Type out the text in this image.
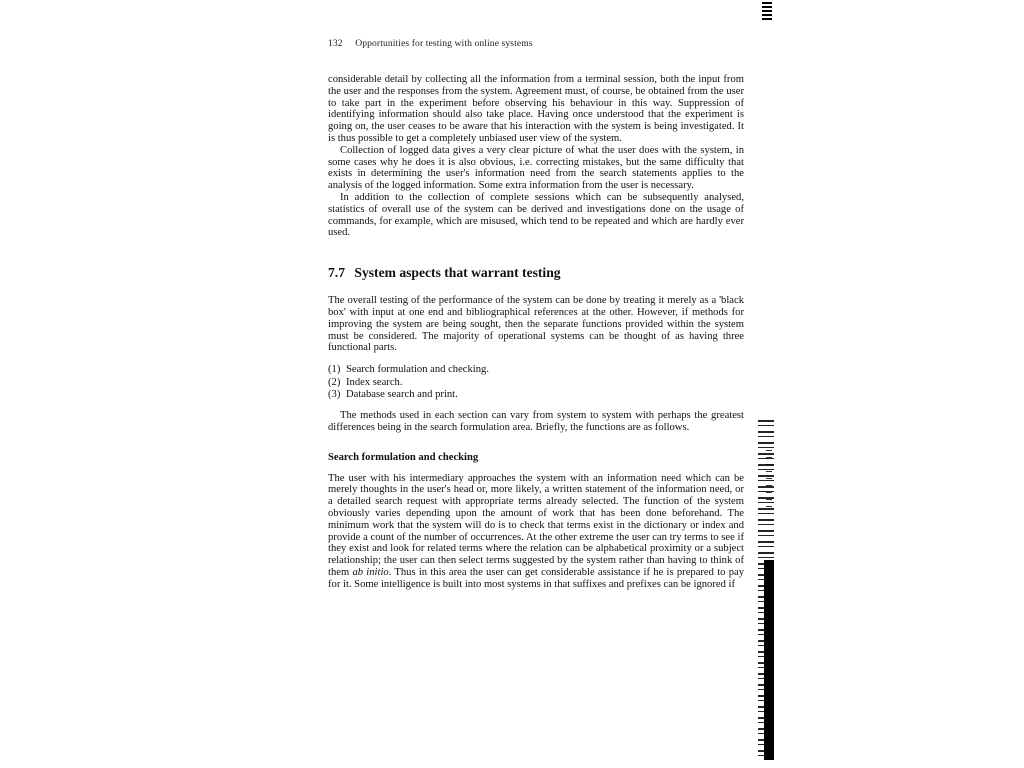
132 Opportunities for testing with online systems

considerable detail by collecting all the information from a terminal session, both the input from the user and the responses from the system. Agreement must, of course, be obtained from the user to take part in the experiment before observing his behaviour in this way. Suppression of identifying information should also take place. Having once understood that the experiment is going on, the user ceases to be aware that his interaction with the system is being investigated. It is thus possible to get a completely unbiased user view of the system.

Collection of logged data gives a very clear picture of what the user does with the system, in some cases why he does it is also obvious, i.e. correcting mistakes, but the same difficulty that exists in determining the user's information need from the search statements applies to the analysis of the logged information. Some extra information from the user is necessary.

In addition to the collection of complete sessions which can be subsequently analysed, statistics of overall use of the system can be derived and investigations done on the usage of commands, for example, which are misused, which tend to be repeated and which are hardly ever used.

7.7 System aspects that warrant testing

The overall testing of the performance of the system can be done by treating it merely as a 'black box' with input at one end and bibliographical references at the other. However, if methods for improving the system are being sought, then the separate functions provided within the system must be considered. The majority of operational systems can be thought of as having three functional parts.

(1) Search formulation and checking.
(2) Index search.
(3) Database search and print.

The methods used in each section can vary from system to system with perhaps the greatest differences being in the search formulation area. Briefly, the functions are as follows.

Search formulation and checking

The user with his intermediary approaches the system with an information need which can be merely thoughts in the user's head or, more likely, a written statement of the information need, or a detailed search request with appropriate terms already selected. The function of the system obviously varies depending upon the amount of work that has been done beforehand. The minimum work that the system will do is to check that terms exist in the dictionary or index and provide a count of the number of occurrences. At the other extreme the user can try terms to see if they exist and look for related terms where the relation can be alphabetical proximity or a subject relationship; the user can then select terms suggested by the system rather than having to think of them ab initio. Thus in this area the user can get considerable assistance if he is prepared to pay for it. Some intelligence is built into most systems in that suffixes and prefixes can be ignored if
